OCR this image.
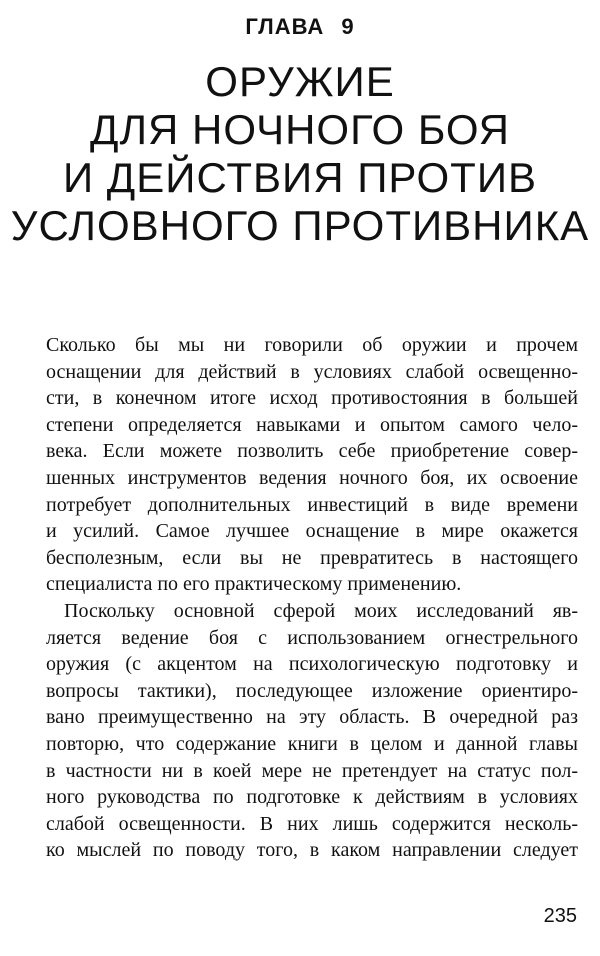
ГЛАВА 9
ОРУЖИЕ
ДЛЯ НОЧНОГО БОЯ
И ДЕЙСТВИЯ ПРОТИВ
УСЛОВНОГО ПРОТИВНИКА
Сколько бы мы ни говорили об оружии и прочем
оснащении для действий в условиях слабой освещенно-
сти, в конечном итоге исход противостояния в большей
степени определяется навыками и опытом самого чело-
века. Если можете позволить себе приобретение совер-
шенных инструментов ведения ночного боя, их освоение
потребует дополнительных инвестиций в виде времени
и усилий. Самое лучшее оснащение в мире окажется
бесполезным, если вы не превратитесь в настоящего
специалиста по его практическому применению.
Поскольку основной сферой моих исследований яв-
ляется ведение боя с использованием огнестрельного
оружия (с акцентом на психологическую подготовку и
вопросы тактики), последующее изложение ориентиро-
вано преимущественно на эту область. В очередной раз
повторю, что содержание книги в целом и данной главы
в частности ни в коей мере не претендует на статус пол-
ного руководства по подготовке к действиям в условиях
слабой освещенности. В них лишь содержится несколь-
ко мыслей по поводу того, в каком направлении следует
235
